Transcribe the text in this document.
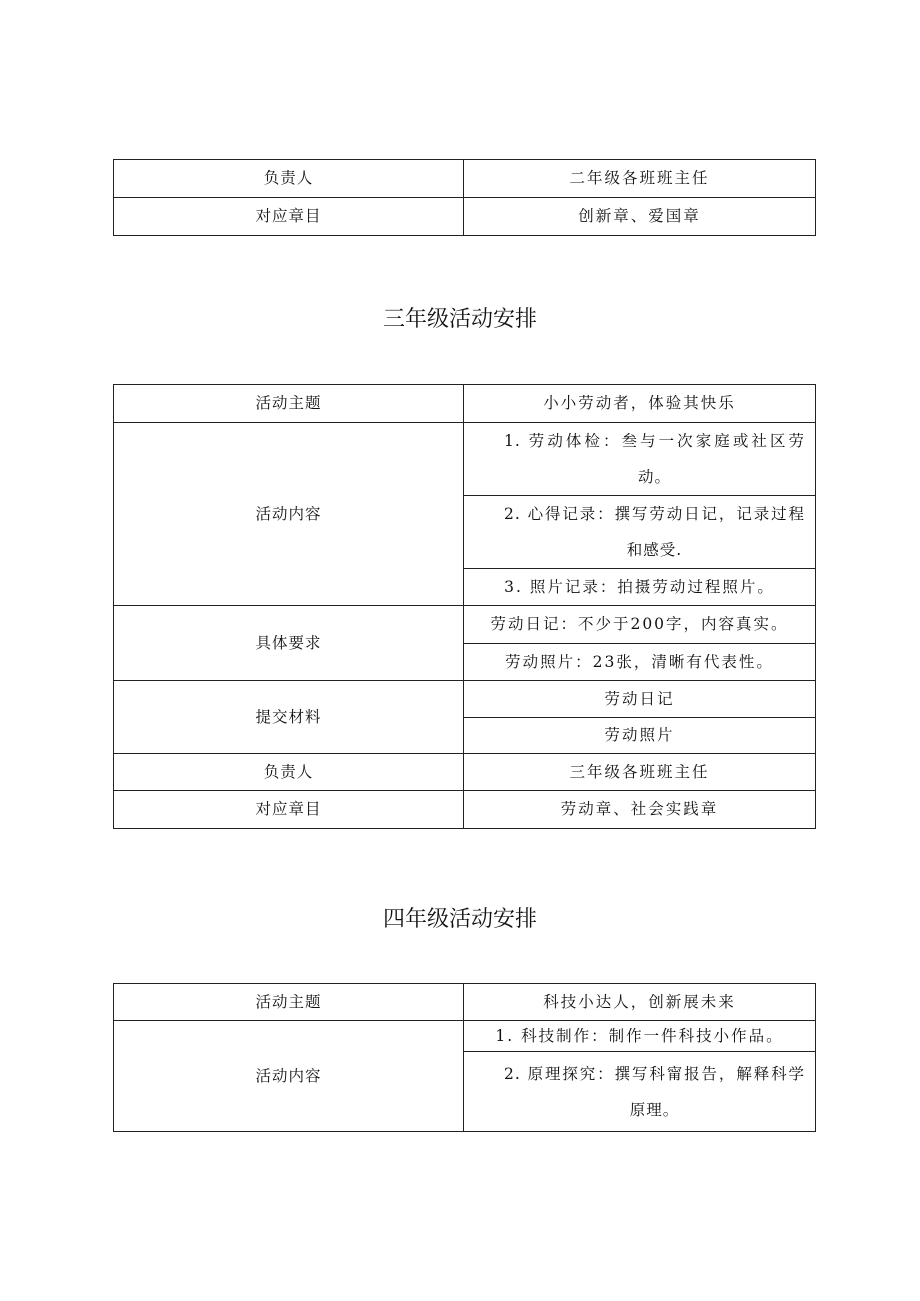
负责人	二年级各班班主任
对应章目	创新章、爱国章
三年级活动安排
活动主题	小小劳动者，体验其快乐
活动内容	1. 劳动体检：叁与一次家庭或社区劳动。

	2. 心得记录：撰写劳动日记，记录过程和感受.

	3. 照片记录：拍摄劳动过程照片。
具体要求	劳动日记：不少于200字，内容真实。
	劳动照片：23张，清晰有代表性。
提交材料	劳动日记
	劳动照片
负责人	三年级各班班主任
对应章目	劳动章、社会实践章
四年级活动安排
活动主题	科技小达人，创新展未来
活动内容	1. 科技制作：制作一件科技小作品。

	2. 原理探究：撰写科甯报告，解释科学原理。
